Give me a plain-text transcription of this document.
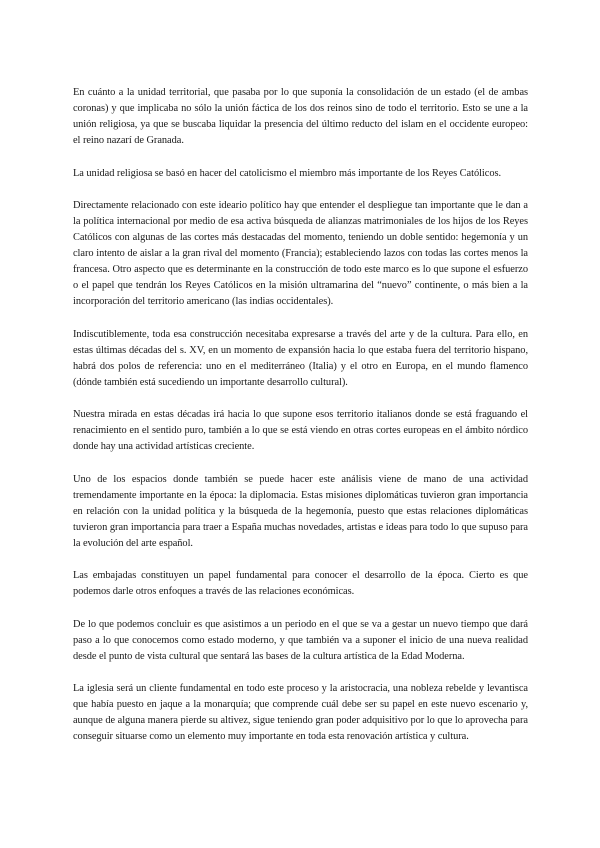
En cuánto a la unidad territorial, que pasaba por lo que suponía la consolidación de un estado (el de ambas coronas) y que implicaba no sólo la unión fáctica de los dos reinos sino de todo el territorio. Esto se une a la unión religiosa, ya que se buscaba liquidar la presencia del último reducto del islam en el occidente europeo: el reino nazarí de Granada.

La unidad religiosa se basó en hacer del catolicismo el miembro más importante de los Reyes Católicos.

Directamente relacionado con este ideario político hay que entender el despliegue tan importante que le dan a la política internacional por medio de esa activa búsqueda de alianzas matrimoniales de los hijos de los Reyes Católicos con algunas de las cortes más destacadas del momento, teniendo un doble sentido: hegemonía y un claro intento de aislar a la gran rival del momento (Francia); estableciendo lazos con todas las cortes menos la francesa. Otro aspecto que es determinante en la construcción de todo este marco es lo que supone el esfuerzo o el papel que tendrán los Reyes Católicos en la misión ultramarina del “nuevo” continente, o más bien a la incorporación del territorio americano (las indias occidentales).

Indiscutiblemente, toda esa construcción necesitaba expresarse a través del arte y de la cultura. Para ello, en estas últimas décadas del s. XV, en un momento de expansión hacia lo que estaba fuera del territorio hispano, habrá dos polos de referencia: uno en el mediterráneo (Italia) y el otro en Europa, en el mundo flamenco (dónde también está sucediendo un importante desarrollo cultural).

Nuestra mirada en estas décadas irá hacia lo que supone esos territorio italianos donde se está fraguando el renacimiento en el sentido puro, también a lo que se está viendo en otras cortes europeas en el ámbito nórdico donde hay una actividad artísticas creciente.

Uno de los espacios donde también se puede hacer este análisis viene de mano de una actividad tremendamente importante en la época: la diplomacia. Estas misiones diplomáticas tuvieron gran importancia en relación con la unidad política y la búsqueda de la hegemonía, puesto que estas relaciones diplomáticas tuvieron gran importancia para traer a España muchas novedades, artistas e ideas para todo lo que supuso para la evolución del arte español.

Las embajadas constituyen un papel fundamental para conocer el desarrollo de la época. Cierto es que podemos darle otros enfoques a través de las relaciones económicas.

De lo que podemos concluir es que asistimos a un periodo en el que se va a gestar un nuevo tiempo que dará paso a lo que conocemos como estado moderno, y que también va a suponer el inicio de una nueva realidad desde el punto de vista cultural que sentará las bases de la cultura artística de la Edad Moderna.

La iglesia será un cliente fundamental en todo este proceso y la aristocracia, una nobleza rebelde y levantisca que había puesto en jaque a la monarquía; que comprende cuál debe ser su papel en este nuevo escenario y, aunque de alguna manera pierde su altivez, sigue teniendo gran poder adquisitivo por lo que lo aprovecha para conseguir situarse como un elemento muy importante en toda esta renovación artística y cultura.
